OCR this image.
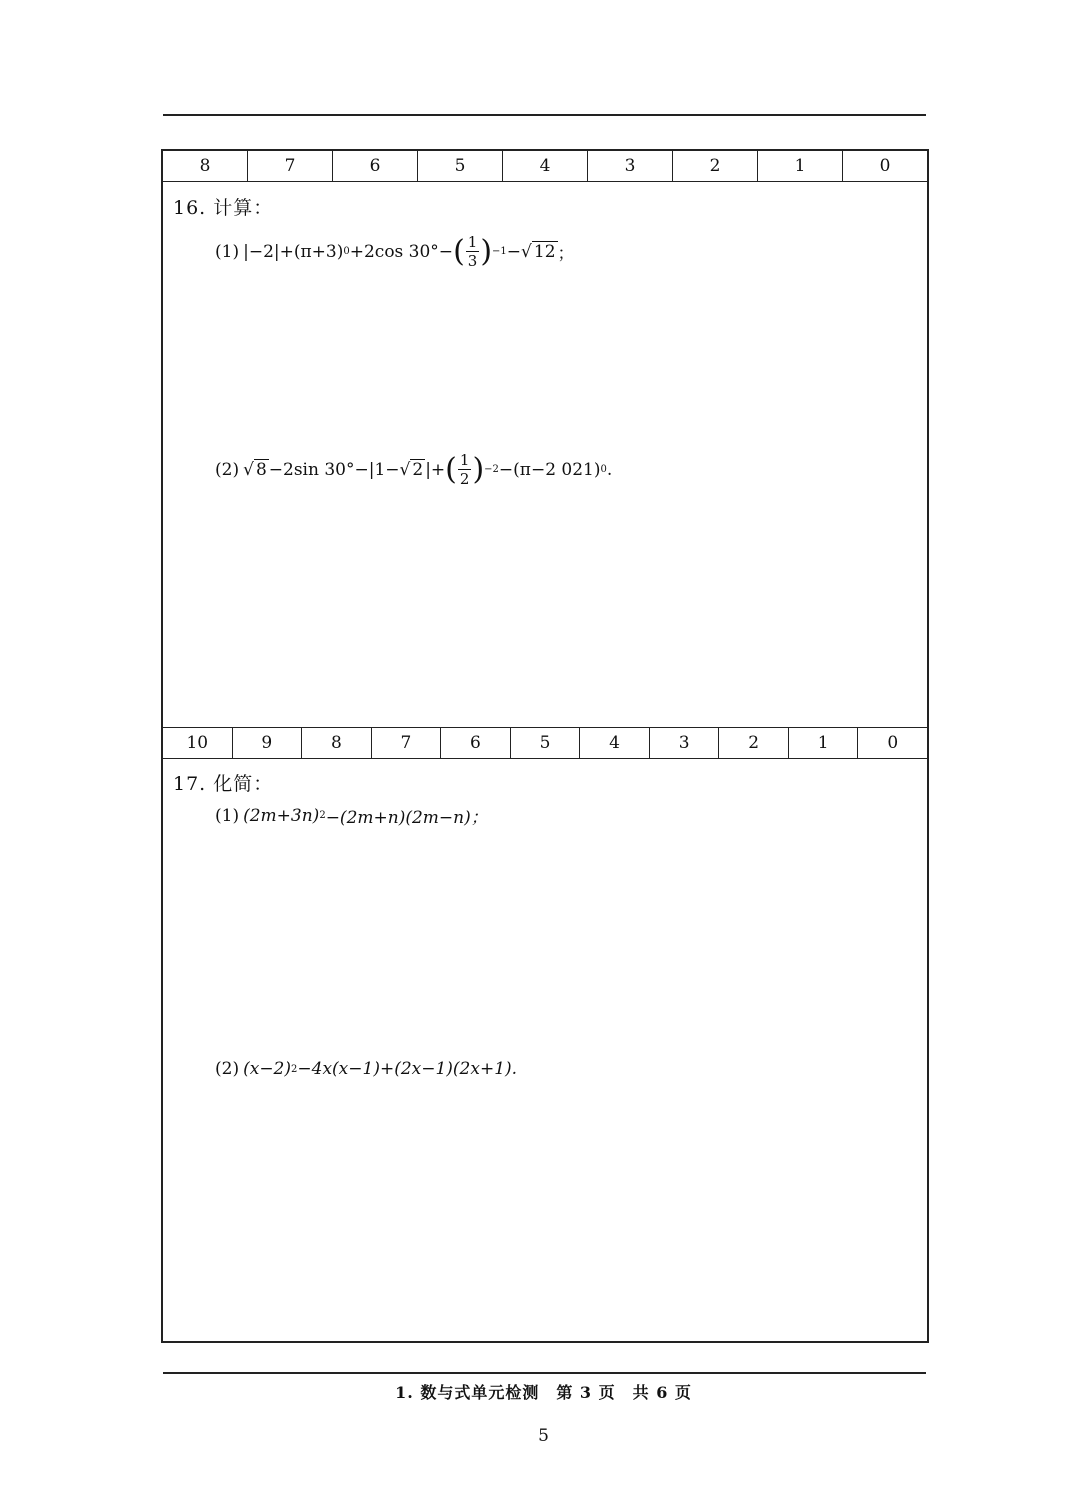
8	7	6	5	4	3	2	1	0
16. 计算：
(1) |−2|+(π+3) 0 +2cos 30°− ( $\frac{1}{3}$ ) −1 − √ 12 ；
(2) √ 8 −2sin 30°−|1− √ 2 |+ ( $\frac{1}{2}$ ) −2 −(π−2 021) 0 .
10	9	8	7	6	5	4	3	2	1	0
17. 化简：
(1) (2m+3n) 2 −(2m+n)(2m−n)；
(2) (x−2) 2 −4x(x−1)+(2x−1)(2x+1).
1. 数与式单元检测　第 3 页　共 6 页
5
